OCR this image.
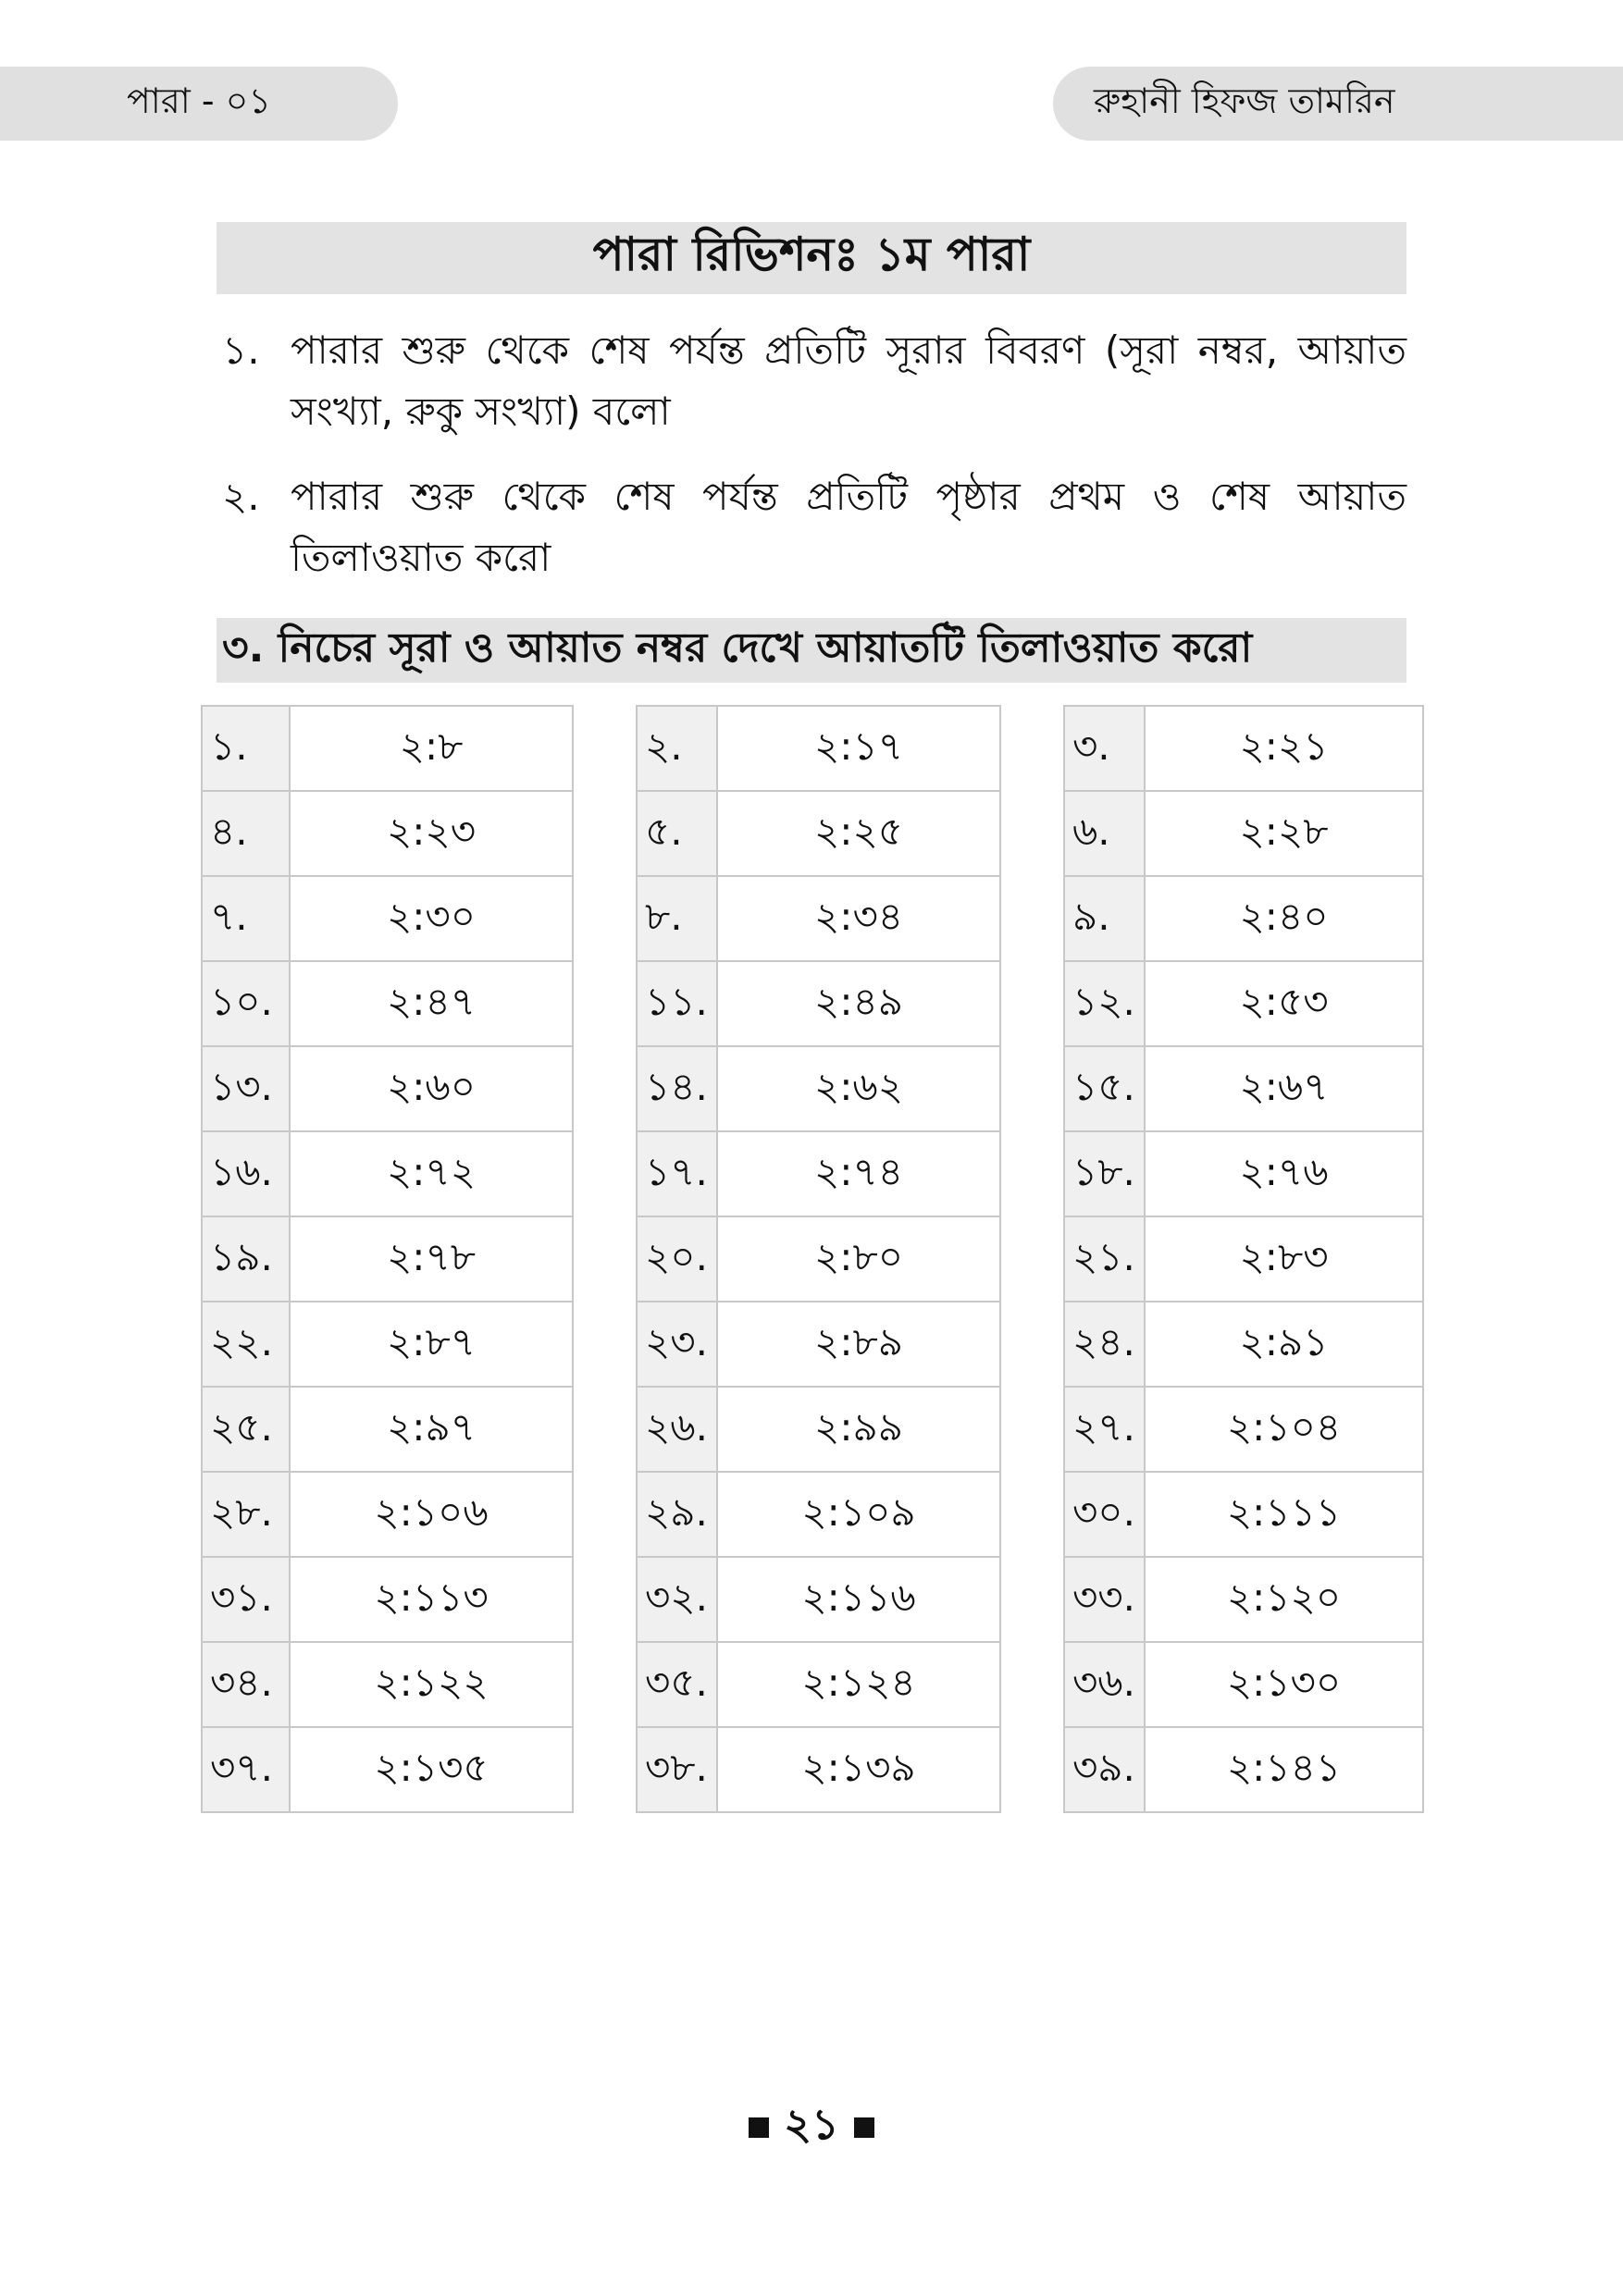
পারা - ০১	রুহানী হিফজ তামরিন
পারা রিভিশনঃ ১ম পারা
১. পারার শুরু থেকে শেষ পর্যন্ত প্রতিটি সূরার বিবরণ (সূরা নম্বর, আয়াত সংখ্যা, রুকু সংখ্যা) বলো
২. পারার শুরু থেকে শেষ পর্যন্ত প্রতিটি পৃষ্ঠার প্রথম ও শেষ আয়াত তিলাওয়াত করো
৩. নিচের সূরা ও আয়াত নম্বর দেখে আয়াতটি তিলাওয়াত করো
১.	২:৮
৪.	২:২৩
৭.	২:৩০
১০.	২:৪৭
১৩.	২:৬০
১৬.	২:৭২
১৯.	২:৭৮
২২.	২:৮৭
২৫.	২:৯৭
২৮.	২:১০৬
৩১.	২:১১৩
৩৪.	২:১২২
৩৭.	২:১৩৫
২.	২:১৭
৫.	২:২৫
৮.	২:৩৪
১১.	২:৪৯
১৪.	২:৬২
১৭.	২:৭৪
২০.	২:৮০
২৩.	২:৮৯
২৬.	২:৯৯
২৯.	২:১০৯
৩২.	২:১১৬
৩৫.	২:১২৪
৩৮.	২:১৩৯
৩.	২:২১
৬.	২:২৮
৯.	২:৪০
১২.	২:৫৩
১৫.	২:৬৭
১৮.	২:৭৬
২১.	২:৮৩
২৪.	২:৯১
২৭.	২:১০৪
৩০.	২:১১১
৩৩.	২:১২০
৩৬.	২:১৩০
৩৯.	২:১৪১
২১
